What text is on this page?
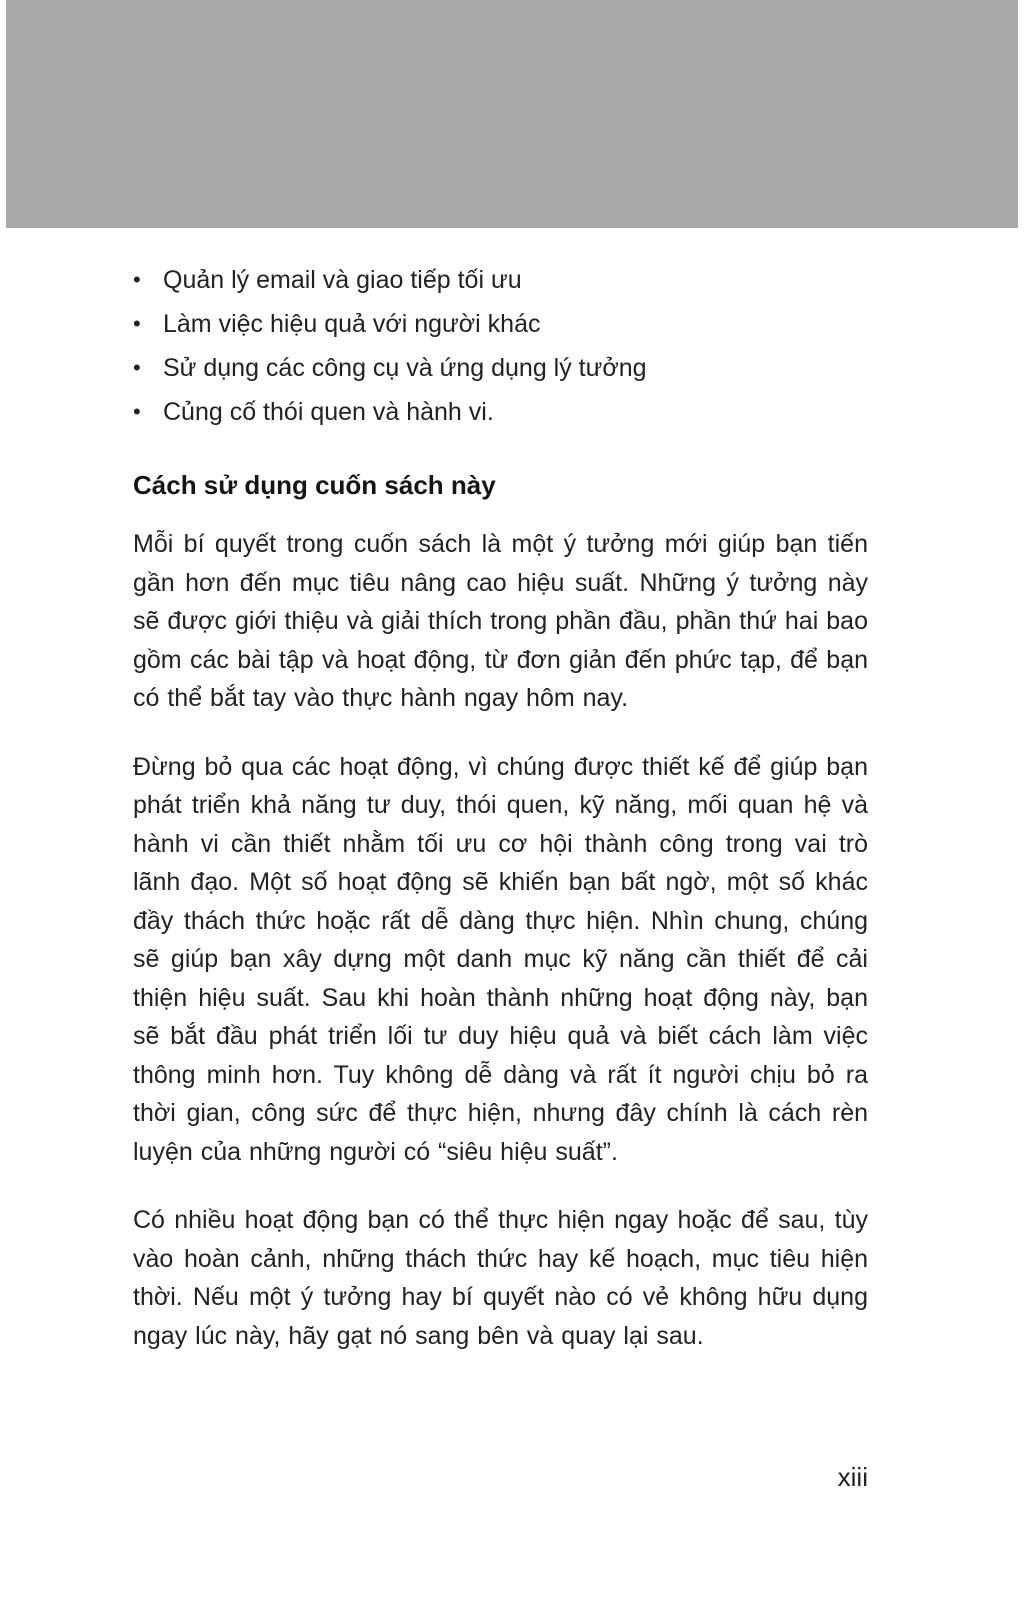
• Quản lý email và giao tiếp tối ưu
• Làm việc hiệu quả với người khác
• Sử dụng các công cụ và ứng dụng lý tưởng
• Củng cố thói quen và hành vi.
Cách sử dụng cuốn sách này

Mỗi bí quyết trong cuốn sách là một ý tưởng mới giúp bạn tiến gần hơn đến mục tiêu nâng cao hiệu suất. Những ý tưởng này sẽ được giới thiệu và giải thích trong phần đầu, phần thứ hai bao gồm các bài tập và hoạt động, từ đơn giản đến phức tạp, để bạn có thể bắt tay vào thực hành ngay hôm nay.

Đừng bỏ qua các hoạt động, vì chúng được thiết kế để giúp bạn phát triển khả năng tư duy, thói quen, kỹ năng, mối quan hệ và hành vi cần thiết nhằm tối ưu cơ hội thành công trong vai trò lãnh đạo. Một số hoạt động sẽ khiến bạn bất ngờ, một số khác đầy thách thức hoặc rất dễ dàng thực hiện. Nhìn chung, chúng sẽ giúp bạn xây dựng một danh mục kỹ năng cần thiết để cải thiện hiệu suất. Sau khi hoàn thành những hoạt động này, bạn sẽ bắt đầu phát triển lối tư duy hiệu quả và biết cách làm việc thông minh hơn. Tuy không dễ dàng và rất ít người chịu bỏ ra thời gian, công sức để thực hiện, nhưng đây chính là cách rèn luyện của những người có “siêu hiệu suất”.

Có nhiều hoạt động bạn có thể thực hiện ngay hoặc để sau, tùy vào hoàn cảnh, những thách thức hay kế hoạch, mục tiêu hiện thời. Nếu một ý tưởng hay bí quyết nào có vẻ không hữu dụng ngay lúc này, hãy gạt nó sang bên và quay lại sau.

xiii
